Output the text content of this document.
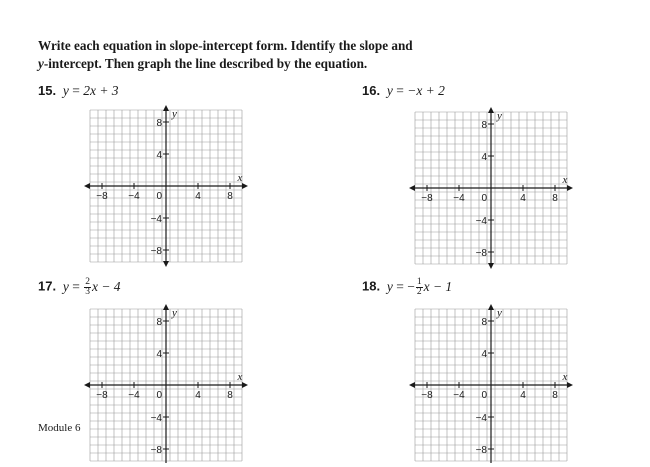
Write each equation in slope-intercept form. Identify the slope and
y-intercept. Then graph the line described by the equation.
15. y = 2x + 3	16. y = −x + 2
17. $y = \frac{2}{3}$ x − 4	18. y = − $\frac{1}{2}$ x − 1
−8 −4 0	4	8
8
4
−4
−8
x
y
−8 −4 0	4	8
8
4
−4
−8
x
y
−8 −4 0	4	8
8
4
−4
−8
x
y
−8 −4 0	4	8
8
4
−4
−8
x
y
Module 6
